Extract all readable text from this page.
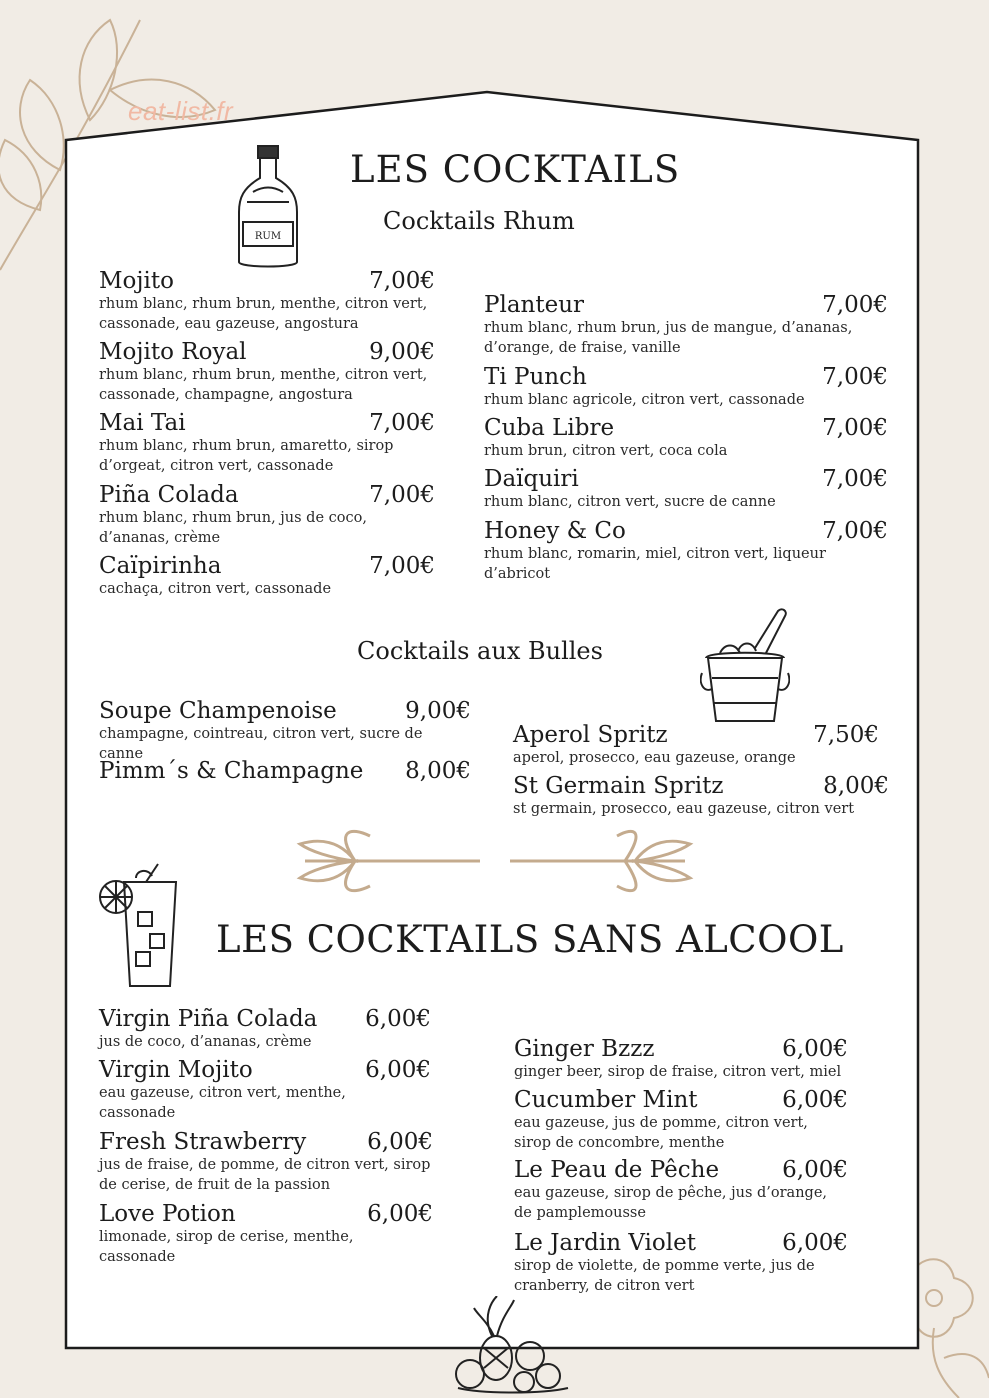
eat-list.fr
RUM
LES COCKTAILS
Cocktails Rhum
Mojito	7,00€
rhum blanc, rhum brun, menthe, citron vert, cassonade, eau gazeuse, angostura
Mojito Royal	9,00€
rhum blanc, rhum brun, menthe, citron vert, cassonade, champagne, angostura
Mai Tai	7,00€
rhum blanc, rhum brun, amaretto, sirop d’orgeat, citron vert, cassonade
Piña Colada	7,00€
rhum blanc, rhum brun, jus de coco, d’ananas, crème
Caïpirinha	7,00€
cachaça, citron vert, cassonade
Planteur	7,00€
rhum blanc, rhum brun, jus de mangue, d’ananas, d’orange, de fraise, vanille
Ti Punch	7,00€
rhum blanc agricole, citron vert, cassonade
Cuba Libre	7,00€
rhum brun, citron vert, coca cola
Daïquiri	7,00€
rhum blanc, citron vert, sucre de canne
Honey & Co	7,00€
rhum blanc, romarin, miel, citron vert, liqueur d’abricot
Cocktails aux Bulles
Soupe Champenoise	9,00€
champagne, cointreau, citron vert, sucre de canne
Pimm´s & Champagne 8,00€
Aperol Spritz	7,50€
aperol, prosecco, eau gazeuse, orange
St Germain Spritz	8,00€
st germain, prosecco, eau gazeuse, citron vert
LES COCKTAILS SANS ALCOOL
Virgin Piña Colada 6,00€
jus de coco, d’ananas, crème
Virgin Mojito	6,00€
eau gazeuse, citron vert, menthe, cassonade
Fresh Strawberry	6,00€
jus de fraise, de pomme, de citron vert, sirop de cerise, de fruit de la passion
Love Potion	6,00€
limonade, sirop de cerise, menthe, cassonade
Ginger Bzzz	6,00€
ginger beer, sirop de fraise, citron vert, miel
Cucumber Mint	6,00€
eau gazeuse, jus de pomme, citron vert, sirop de concombre, menthe
Le Peau de Pêche	6,00€
eau gazeuse, sirop de pêche, jus d’orange, de pamplemousse
Le Jardin Violet	6,00€
sirop de violette, de pomme verte, jus de cranberry, de citron vert
